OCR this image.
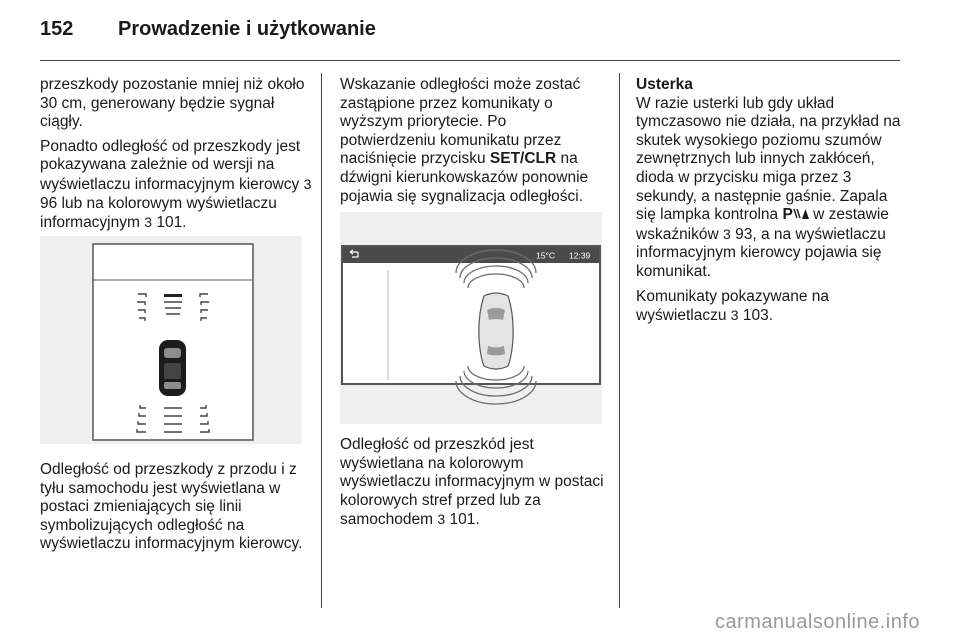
152 Prowadzenie i użytkowanie

przeszkody pozostanie mniej niż około 30 cm, generowany będzie sygnał ciągły.

Ponadto odległość od przeszkody jest pokazywana zależnie od wersji na wyświetlaczu informacyjnym kierowcy 3 96 lub na kolorowym wyświetlaczu informacyjnym 3 101.

Odległość od przeszkody z przodu i z tyłu samochodu jest wyświetlana w postaci zmieniających się linii symbolizujących odległość na wyświetlaczu informacyjnym kierowcy.

Wskazanie odległości może zostać zastąpione przez komunikaty o wyższym priorytecie. Po potwierdzeniu komunikatu przez naciśnięcie przycisku SET/CLR na dźwigni kierunkowskazów ponownie pojawia się sygnalizacja odległości.

15°C 12:39
Odległość od przeszkód jest wyświetlana na kolorowym wyświetlaczu informacyjnym w postaci kolorowych stref przed lub za samochodem 3 101.
Usterka

W razie usterki lub gdy układ tymczasowo nie działa, na przykład na skutek wysokiego poziomu szumów zewnętrznych lub innych zakłóceń, dioda w przycisku miga przez 3 sekundy, a następnie gaśnie. Zapala się lampka kontrolna P w zestawie wskaźników 3 93, a na wyświetlaczu informacyjnym kierowcy pojawia się komunikat.

Komunikaty pokazywane na wyświetlaczu 3 103.

carmanualsonline.info
